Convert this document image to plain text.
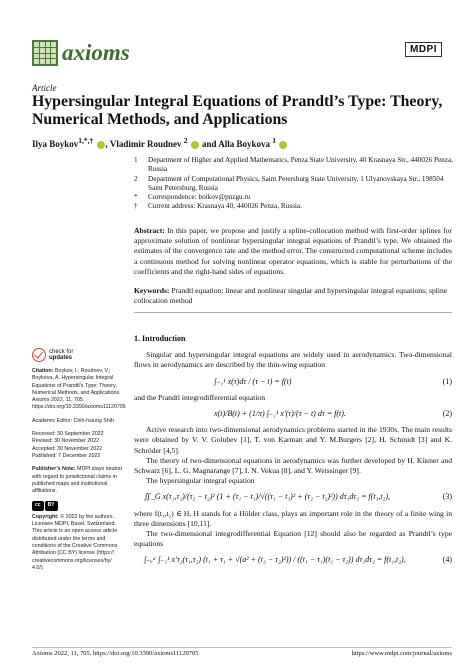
axioms	MDPI
Article
Hypersingular Integral Equations of Prandtl’s Type: Theory, Numerical Methods, and Applications
Ilya Boykov$^{1,*,\dagger}$ , Vladimir Roudnev $^2$ and Alla Boykova $^1$
1	Department of Higher and Applied Mathematics, Penza State University, 40 Krasnaya Str., 440026 Penza, Russia
2	Department of Computational Physics, Saint Petersburg State University, 1 Ulyanovskaya Str., 198504 Saint Petersburg, Russia
*	Correspondence: boikov@pnzgu.ru
†	Current address: Krasnaya 40, 440026 Penza, Russia.
Abstract: In this paper, we propose and justify a spline-collocation method with first-order splines for approximate solution of nonlinear hypersingular integral equations of Prandtl’s type. We obtained the estimates of the convergence rate and the method error. The constructed computational scheme includes a continuous method for solving nonlinear operator equations, which is stable for perturbations of the coefficients and the right-hand sides of equations.
Keywords: Prandtl equation; linear and nonlinear singular and hypersingular integral equations; spline collocation method
check for
updates
Citation: Boykov, I.; Roudnev, V.; Boykova, A. Hypersingular Integral Equations of Prandtl’s Type: Theory, Numerical Methods, and Applications. Axioms 2022, 11, 705. https://doi.org/10.3390/axioms11120705
Academic Editor: Chih-hsiung Shih
Received: 30 September 2022
Revised: 30 November 2022
Accepted: 30 November 2022
Published: 7 December 2022
Publisher’s Note: MDPI stays neutral with regard to jurisdictional claims in published maps and institutional affiliations.
cc	BY
Copyright: © 2022 by the authors. Licensee MDPI, Basel, Switzerland. This article is an open access article distributed under the terms and conditions of the Creative Commons Attribution (CC BY) license (https:// creativecommons.org/licenses/by/ 4.0/).
1. Introduction

Singular and hypersingular integral equations are widely used in aerodynamics. Two-dimensional flows in aerodynamics are described by the thin-wing equation

∫₋₁¹ x(τ)dτ / (τ − t) = f(t)	(1)

and the Prandtl integrodifferential equation

x(t)/B(t) + (1/π) ∫₋₁¹ x′(τ)/(τ − t) dτ = f(t).	(2)

Active research into two-dimensional aerodynamics problems started in the 1930s. The main results were obtained by V. V. Golubev [1], T. von Karman and Y. M.Burgers [2], H. Schmidt [3] and K. Schröder [4,5].

The theory of two-dimensional equations in aerodynamics was further developed by H. Küsner and Schwarz [6], L. G. Magnarange [7], I. N. Vekua [8], and Y. Weissinger [9].

The hypersingular integral equation

∬_G x(τ₁,τ₂)/(τ₂ − t₂)² (1 + (τ₁ − t₁)/√((τ₁ − t₁)² + (τ₂ − t₂)²)) dτ₁dτ₂ = f(t₁,t₂),	(3)

where f(t₁,t₂) ∈ H, H stands for a Hölder class, plays an important role in the theory of a finite wing in three dimensions [10,11].

The two-dimensional integrodifferential Equation [12] should also be regarded as Prandtl’s type equations

∫₋ₐᵃ ∫₋₁¹ x′τ₂(τ₁,τ₂) (t₁ + τ₁ + √(a² + (t₂ − τ₂)²)) / ((t₁ − τ₁)(t₂ − τ₂)) dτ₁dτ₂ = f(t₁,t₂),	(4)
Axioms 2022, 11, 705. https://doi.org/10.3390/axioms11120705	https://www.mdpi.com/journal/axioms
